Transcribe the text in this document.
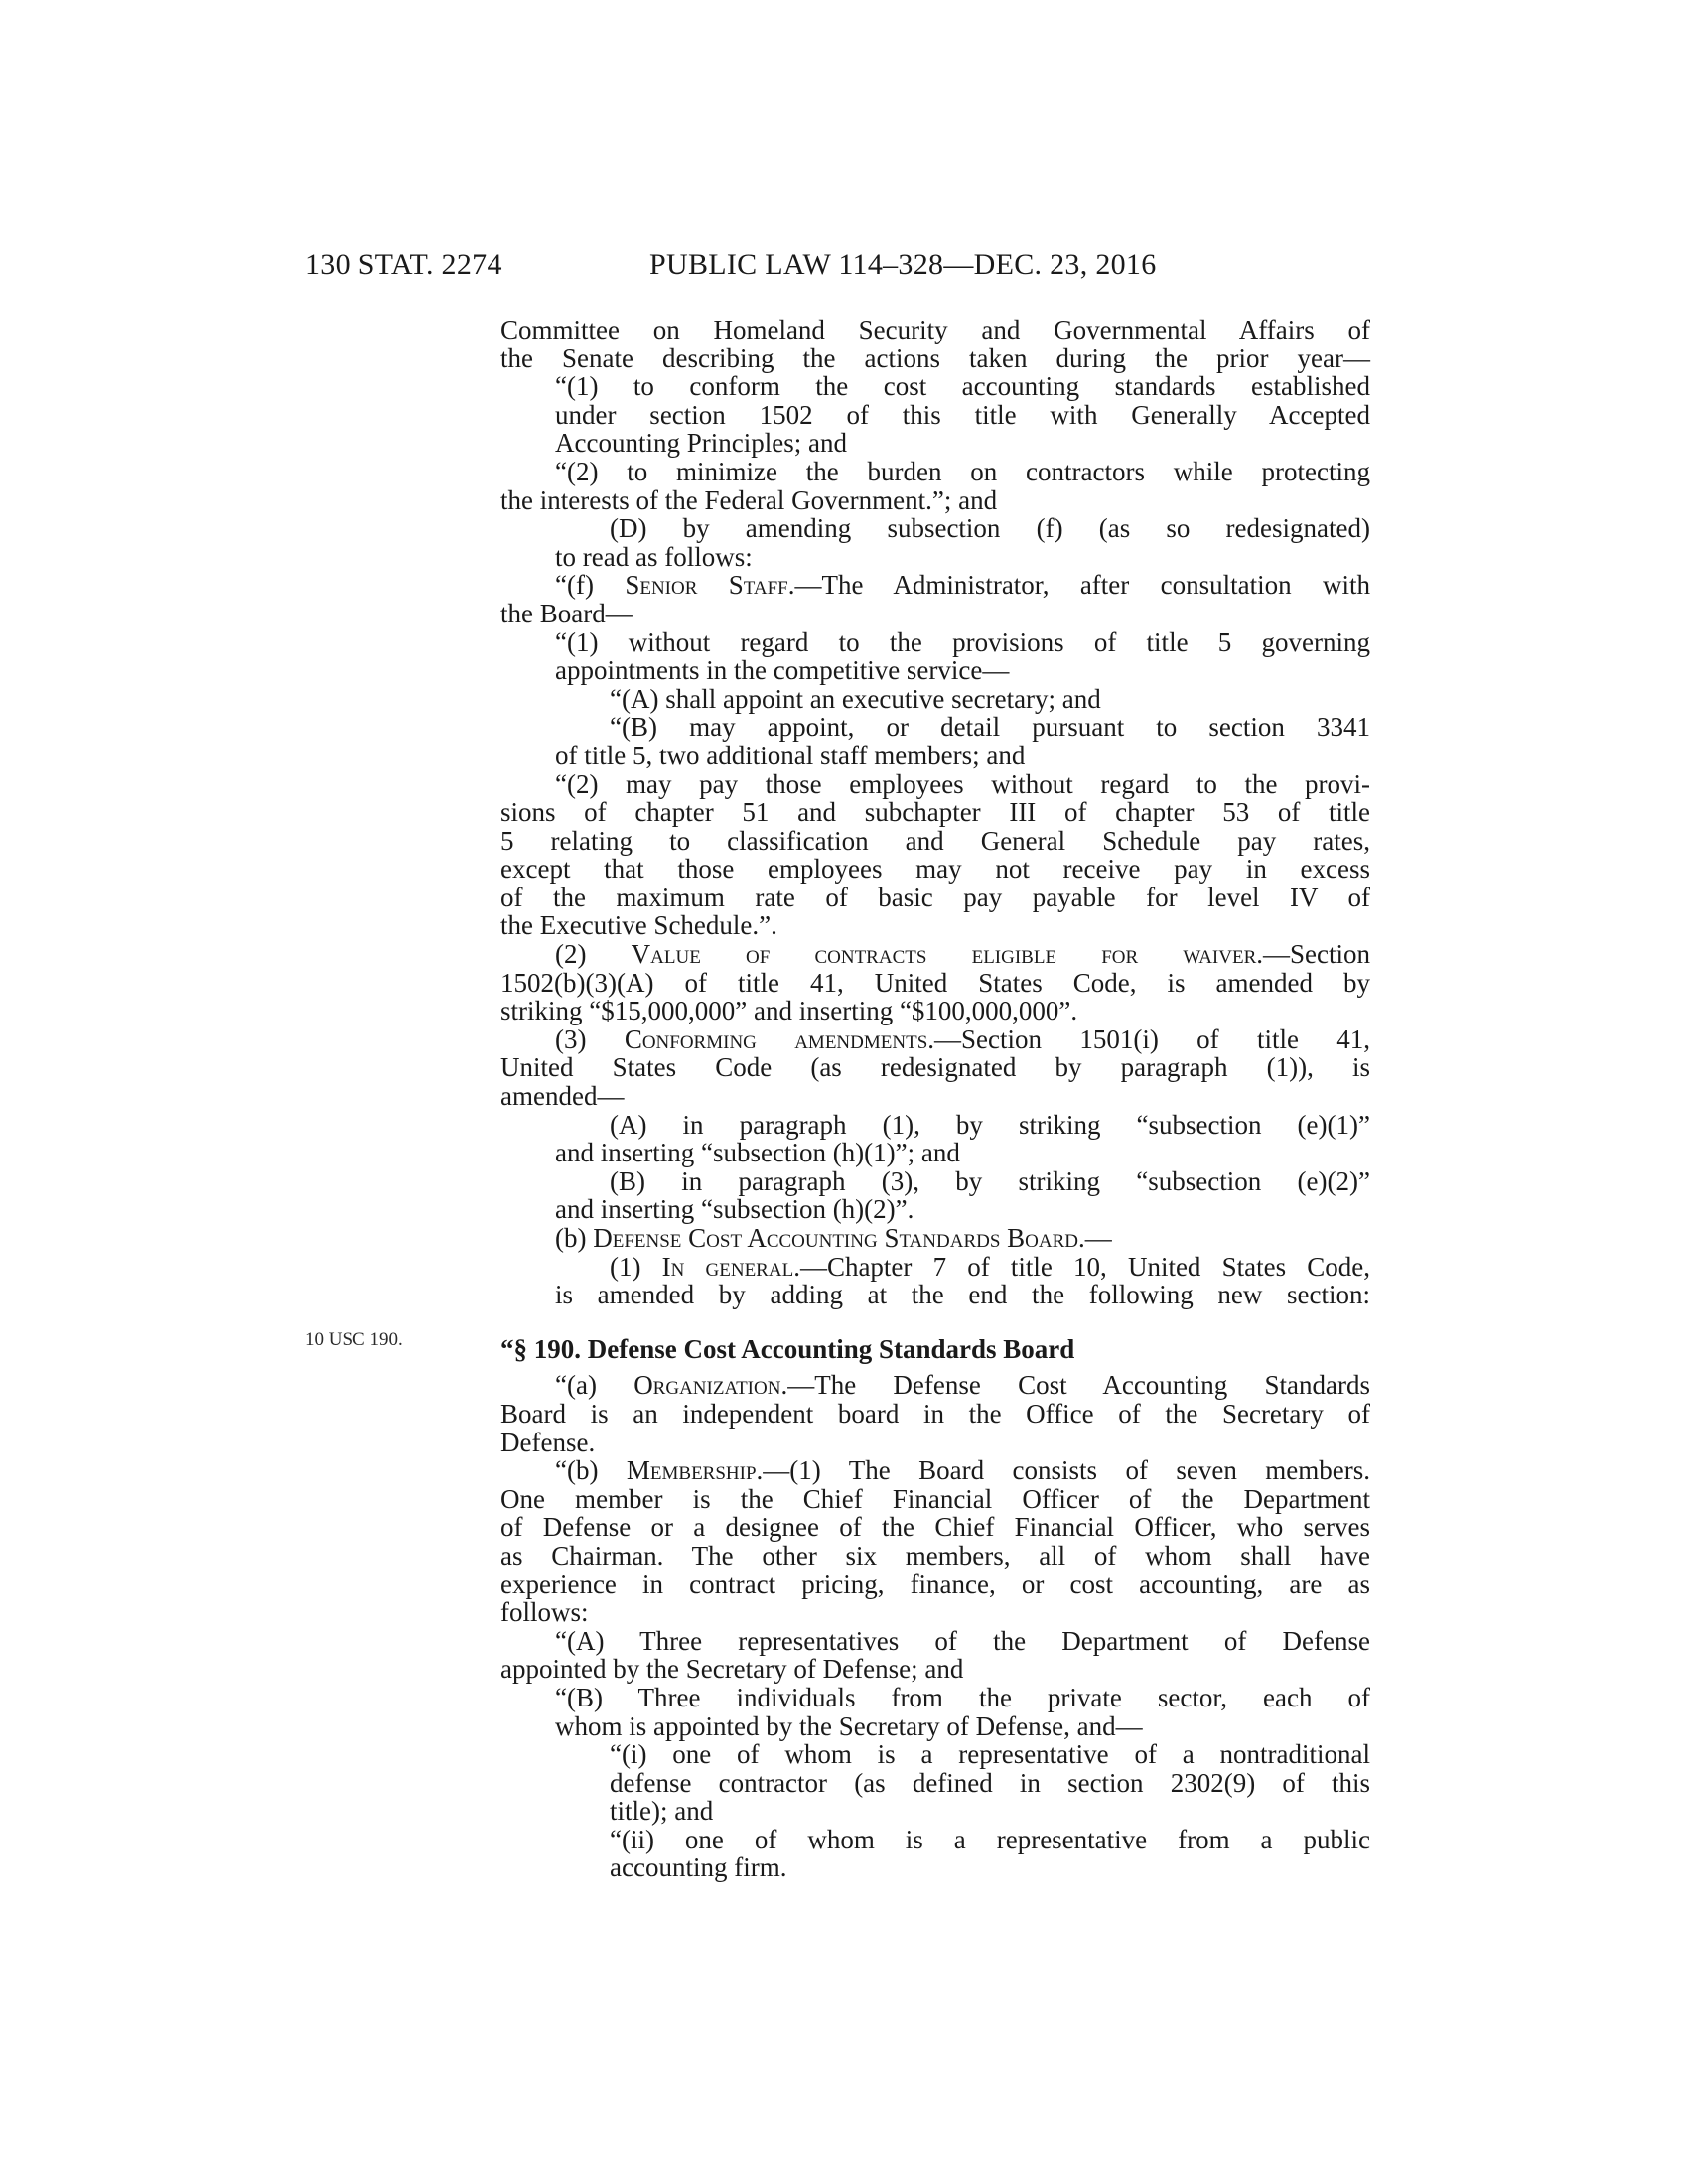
130 STAT. 2274	PUBLIC LAW 114–328—DEC. 23, 2016
10 USC 190.
Committee on Homeland Security and Governmental Affairs of
the Senate describing the actions taken during the prior year—
“(1) to conform the cost accounting standards established
under section 1502 of this title with Generally Accepted
Accounting Principles; and
“(2) to minimize the burden on contractors while protecting
the interests of the Federal Government.”; and
(D) by amending subsection (f) (as so redesignated)
to read as follows:
“(f) Senior Staff.—The Administrator, after consultation with
the Board—
“(1) without regard to the provisions of title 5 governing
appointments in the competitive service—
“(A) shall appoint an executive secretary; and
“(B) may appoint, or detail pursuant to section 3341
of title 5, two additional staff members; and
“(2) may pay those employees without regard to the provi-
sions of chapter 51 and subchapter III of chapter 53 of title
5 relating to classification and General Schedule pay rates,
except that those employees may not receive pay in excess
of the maximum rate of basic pay payable for level IV of
the Executive Schedule.”.
(2) Value of contracts eligible for waiver.—Section
1502(b)(3)(A) of title 41, United States Code, is amended by
striking “$15,000,000” and inserting “$100,000,000”.
(3) Conforming amendments.—Section 1501(i) of title 41,
United States Code (as redesignated by paragraph (1)), is
amended—
(A) in paragraph (1), by striking “subsection (e)(1)”
and inserting “subsection (h)(1)”; and
(B) in paragraph (3), by striking “subsection (e)(2)”
and inserting “subsection (h)(2)”.
(b) Defense Cost Accounting Standards Board.—
(1) In general.—Chapter 7 of title 10, United States Code,
is amended by adding at the end the following new section:
“§ 190. Defense Cost Accounting Standards Board
“(a) Organization.—The Defense Cost Accounting Standards
Board is an independent board in the Office of the Secretary of
Defense.
“(b) Membership.—(1) The Board consists of seven members.
One member is the Chief Financial Officer of the Department
of Defense or a designee of the Chief Financial Officer, who serves
as Chairman. The other six members, all of whom shall have
experience in contract pricing, finance, or cost accounting, are as
follows:
“(A) Three representatives of the Department of Defense
appointed by the Secretary of Defense; and
“(B) Three individuals from the private sector, each of
whom is appointed by the Secretary of Defense, and—
“(i) one of whom is a representative of a nontraditional
defense contractor (as defined in section 2302(9) of this
title); and
“(ii) one of whom is a representative from a public
accounting firm.
